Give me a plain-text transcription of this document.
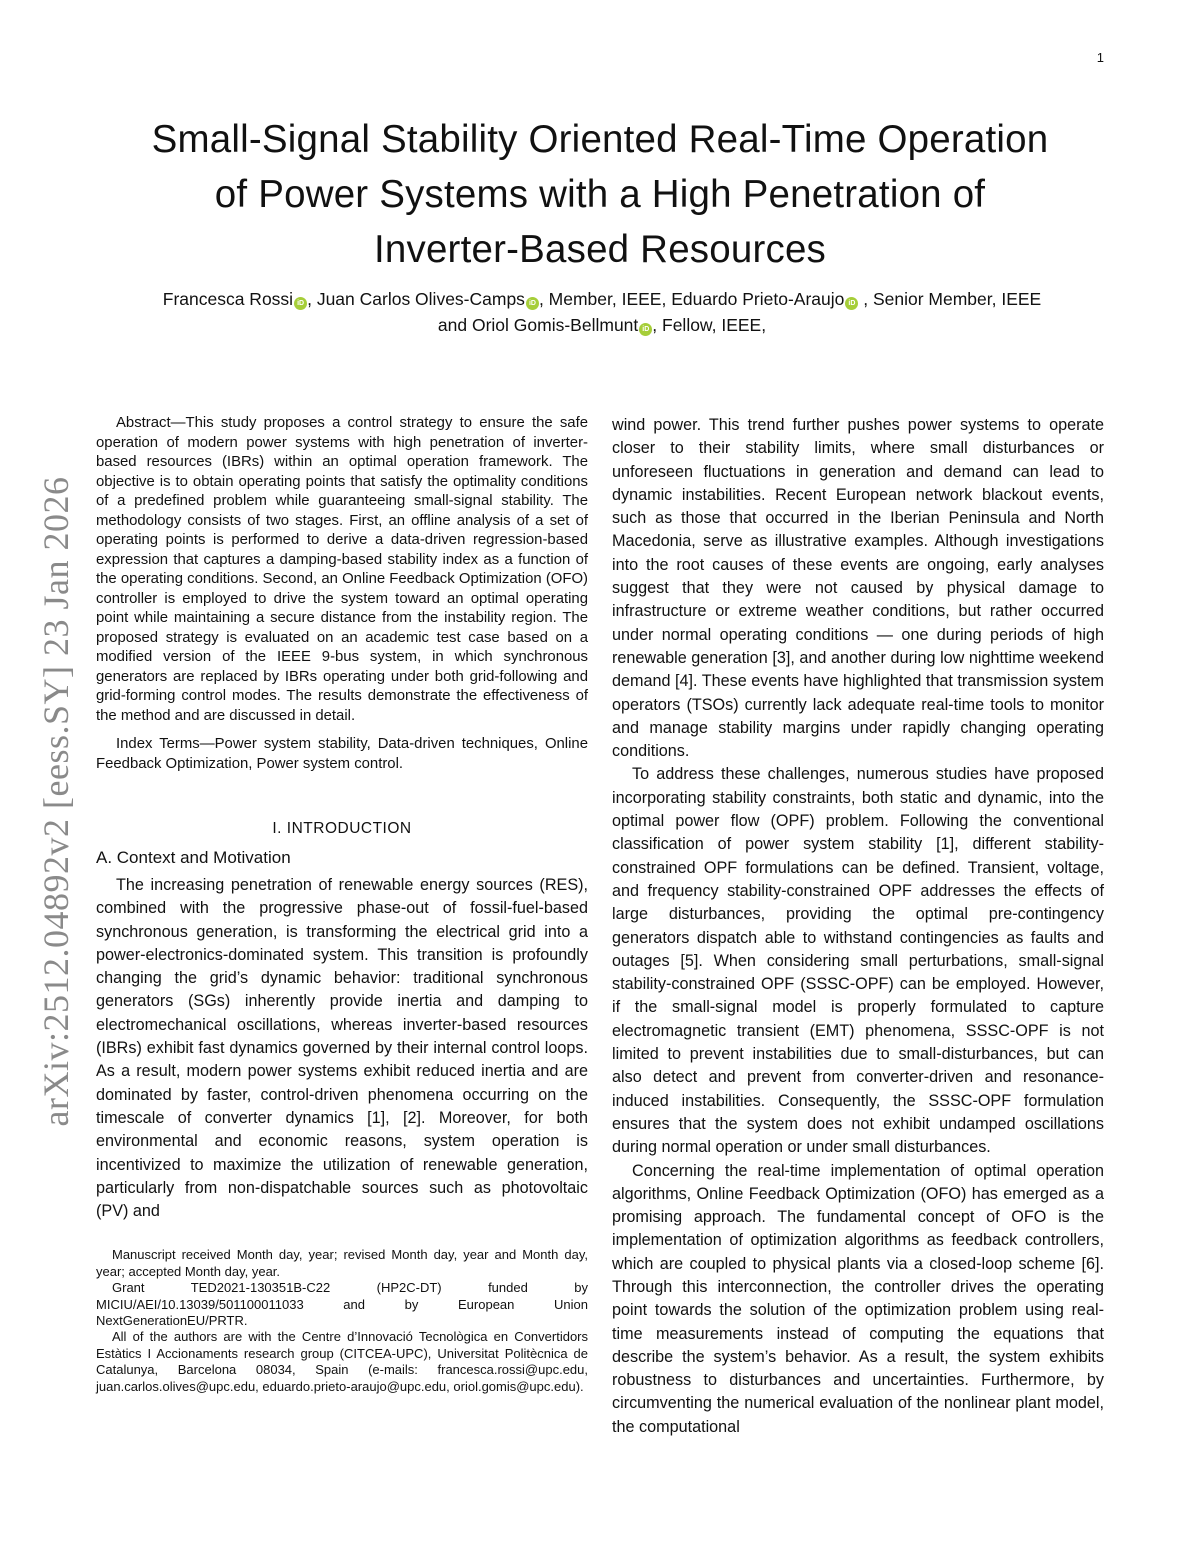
1
arXiv:2512.04892v2 [eess.SY] 23 Jan 2026
Small-Signal Stability Oriented Real-Time Operation of Power Systems with a High Penetration of Inverter-Based Resources
Francesca Rossi iD , Juan Carlos Olives-Camps iD , Member, IEEE, Eduardo Prieto-Araujo iD , Senior Member, IEEE
and Oriol Gomis-Bellmunt iD , Fellow, IEEE,

Abstract—This study proposes a control strategy to ensure the safe operation of modern power systems with high penetration of inverter-based resources (IBRs) within an optimal operation framework. The objective is to obtain operating points that satisfy the optimality conditions of a predefined problem while guaranteeing small-signal stability. The methodology consists of two stages. First, an offline analysis of a set of operating points is performed to derive a data-driven regression-based expression that captures a damping-based stability index as a function of the operating conditions. Second, an Online Feedback Optimization (OFO) controller is employed to drive the system toward an optimal operating point while maintaining a secure distance from the instability region. The proposed strategy is evaluated on an academic test case based on a modified version of the IEEE 9-bus system, in which synchronous generators are replaced by IBRs operating under both grid-following and grid-forming control modes. The results demonstrate the effectiveness of the method and are discussed in detail.

Index Terms—Power system stability, Data-driven techniques, Online Feedback Optimization, Power system control.

I. INTRODUCTION
A. Context and Motivation

The increasing penetration of renewable energy sources (RES), combined with the progressive phase-out of fossil-fuel-based synchronous generation, is transforming the electrical grid into a power-electronics-dominated system. This transition is profoundly changing the grid’s dynamic behavior: traditional synchronous generators (SGs) inherently provide inertia and damping to electromechanical oscillations, whereas inverter-based resources (IBRs) exhibit fast dynamics governed by their internal control loops. As a result, modern power systems exhibit reduced inertia and are dominated by faster, control-driven phenomena occurring on the timescale of converter dynamics [1], [2]. Moreover, for both environmental and economic reasons, system operation is incentivized to maximize the utilization of renewable generation, particularly from non-dispatchable sources such as photovoltaic (PV) and

Manuscript received Month day, year; revised Month day, year and Month day, year; accepted Month day, year.

Grant TED2021-130351B-C22 (HP2C-DT) funded by MICIU/AEI/10.13039/501100011033 and by European Union NextGenerationEU/PRTR.

All of the authors are with the Centre d’Innovació Tecnològica en Convertidors Estàtics I Accionaments research group (CITCEA-UPC), Universitat Politècnica de Catalunya, Barcelona 08034, Spain (e-mails: francesca.rossi@upc.edu, juan.carlos.olives@upc.edu, eduardo.prieto-araujo@upc.edu, oriol.gomis@upc.edu).

wind power. This trend further pushes power systems to operate closer to their stability limits, where small disturbances or unforeseen fluctuations in generation and demand can lead to dynamic instabilities. Recent European network blackout events, such as those that occurred in the Iberian Peninsula and North Macedonia, serve as illustrative examples. Although investigations into the root causes of these events are ongoing, early analyses suggest that they were not caused by physical damage to infrastructure or extreme weather conditions, but rather occurred under normal operating conditions — one during periods of high renewable generation [3], and another during low nighttime weekend demand [4]. These events have highlighted that transmission system operators (TSOs) currently lack adequate real-time tools to monitor and manage stability margins under rapidly changing operating conditions.

To address these challenges, numerous studies have proposed incorporating stability constraints, both static and dynamic, into the optimal power flow (OPF) problem. Following the conventional classification of power system stability [1], different stability-constrained OPF formulations can be defined. Transient, voltage, and frequency stability-constrained OPF addresses the effects of large disturbances, providing the optimal pre-contingency generators dispatch able to withstand contingencies as faults and outages [5]. When considering small perturbations, small-signal stability-constrained OPF (SSSC-OPF) can be employed. However, if the small-signal model is properly formulated to capture electromagnetic transient (EMT) phenomena, SSSC-OPF is not limited to prevent instabilities due to small-disturbances, but can also detect and prevent from converter-driven and resonance-induced instabilities. Consequently, the SSSC-OPF formulation ensures that the system does not exhibit undamped oscillations during normal operation or under small disturbances.

Concerning the real-time implementation of optimal operation algorithms, Online Feedback Optimization (OFO) has emerged as a promising approach. The fundamental concept of OFO is the implementation of optimization algorithms as feedback controllers, which are coupled to physical plants via a closed-loop scheme [6]. Through this interconnection, the controller drives the operating point towards the solution of the optimization problem using real-time measurements instead of computing the equations that describe the system’s behavior. As a result, the system exhibits robustness to disturbances and uncertainties. Furthermore, by circumventing the numerical evaluation of the nonlinear plant model, the computational
